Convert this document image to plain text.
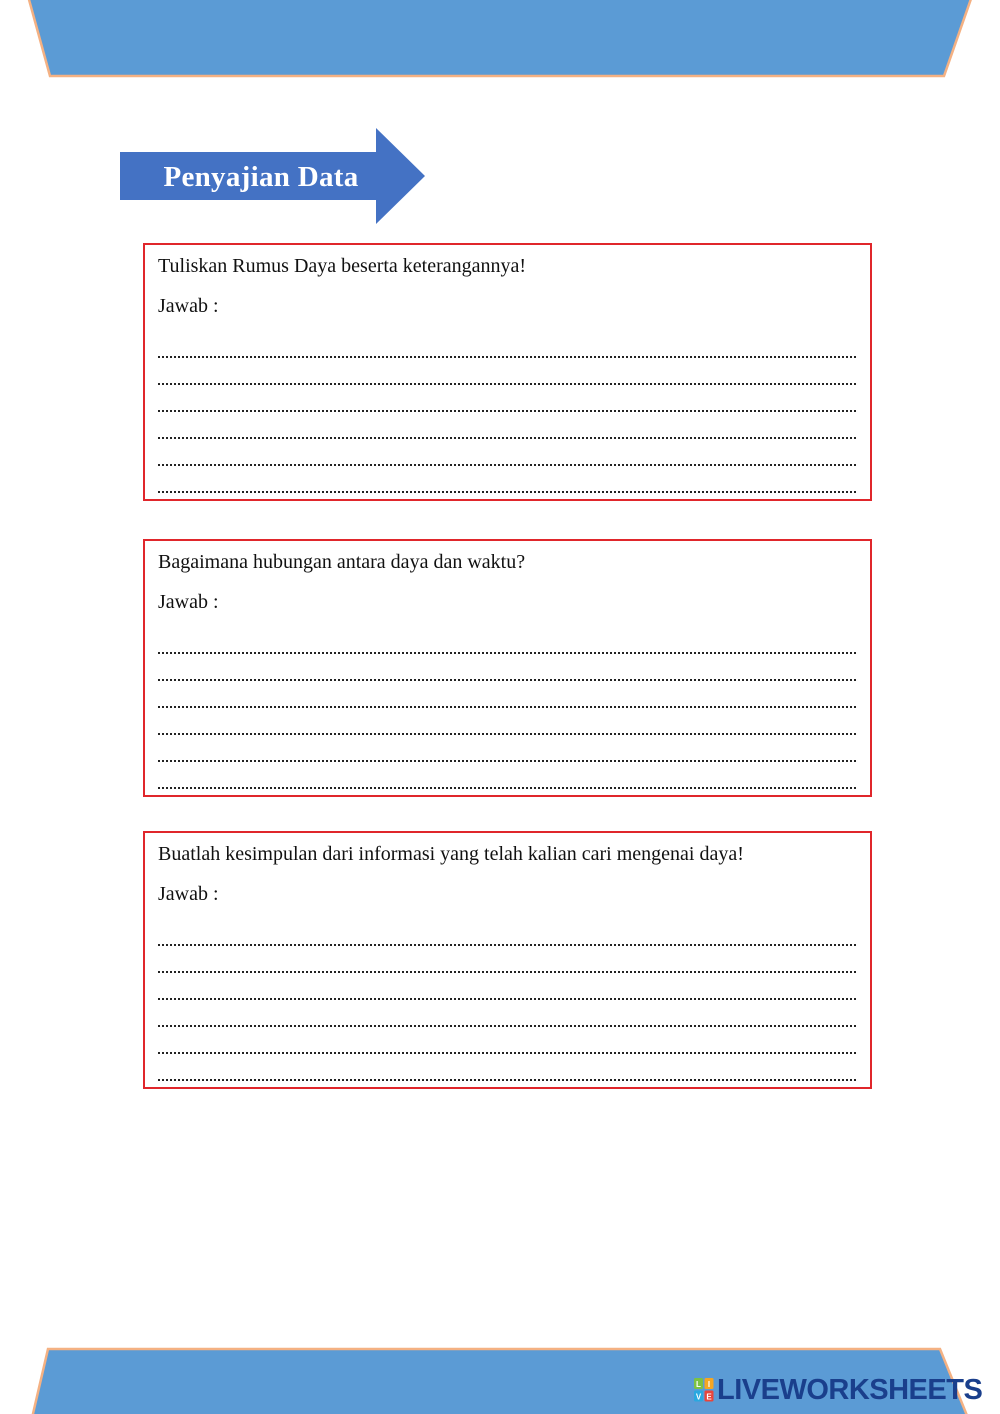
Penyajian Data

Tuliskan Rumus Daya beserta keterangannya!

Jawab :

Bagaimana hubungan antara daya dan waktu?

Jawab :

Buatlah kesimpulan dari informasi yang telah kalian cari mengenai daya!

Jawab :
L I
V E LIVEWORKSHEETS
